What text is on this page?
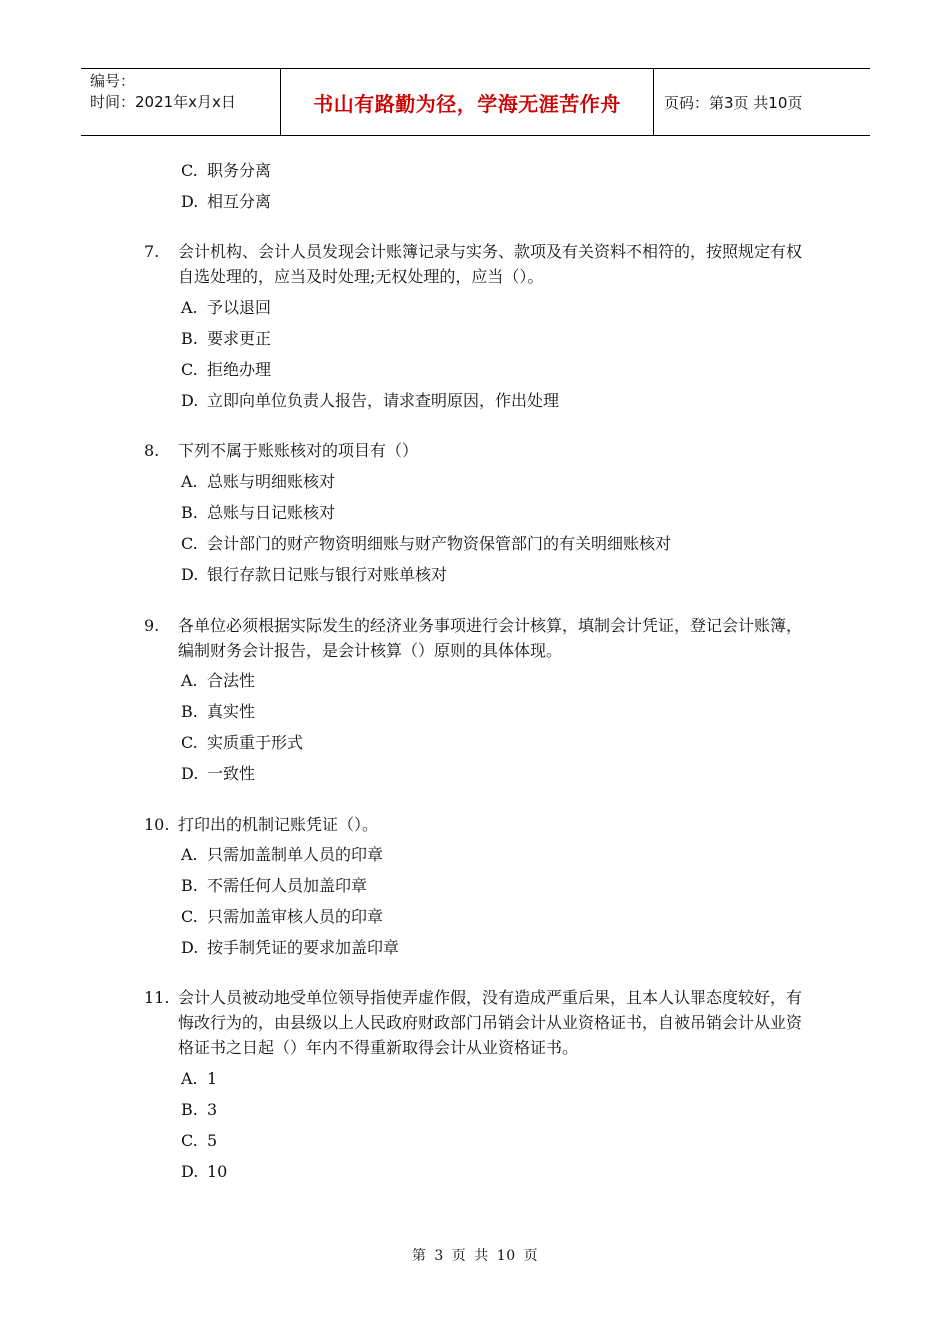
编号：
时间：2021年x月x日	书山有路勤为径，学海无涯苦作舟	页码：第3页 共10页
C. 职务分离
D. 相互分离
7.	会计机构、会计人员发现会计账簿记录与实务、款项及有关资料不相符的，按照规定有权自选处理的，应当及时处理;无权处理的，应当（）。
A. 予以退回
B. 要求更正
C. 拒绝办理
D. 立即向单位负责人报告，请求查明原因，作出处理
8.	下列不属于账账核对的项目有（）
A. 总账与明细账核对
B. 总账与日记账核对
C. 会计部门的财产物资明细账与财产物资保管部门的有关明细账核对
D. 银行存款日记账与银行对账单核对
9.	各单位必须根据实际发生的经济业务事项进行会计核算，填制会计凭证，登记会计账簿，编制财务会计报告，是会计核算（）原则的具体体现。
A. 合法性
B. 真实性
C. 实质重于形式
D. 一致性
10. 打印出的机制记账凭证（）。
A. 只需加盖制单人员的印章
B. 不需任何人员加盖印章
C. 只需加盖审核人员的印章
D. 按手制凭证的要求加盖印章
11. 会计人员被动地受单位领导指使弄虚作假，没有造成严重后果，且本人认罪态度较好，有悔改行为的，由县级以上人民政府财政部门吊销会计从业资格证书，自被吊销会计从业资格证书之日起（）年内不得重新取得会计从业资格证书。
A. 1
B. 3
C. 5
D. 10
第 3 页 共 10 页
